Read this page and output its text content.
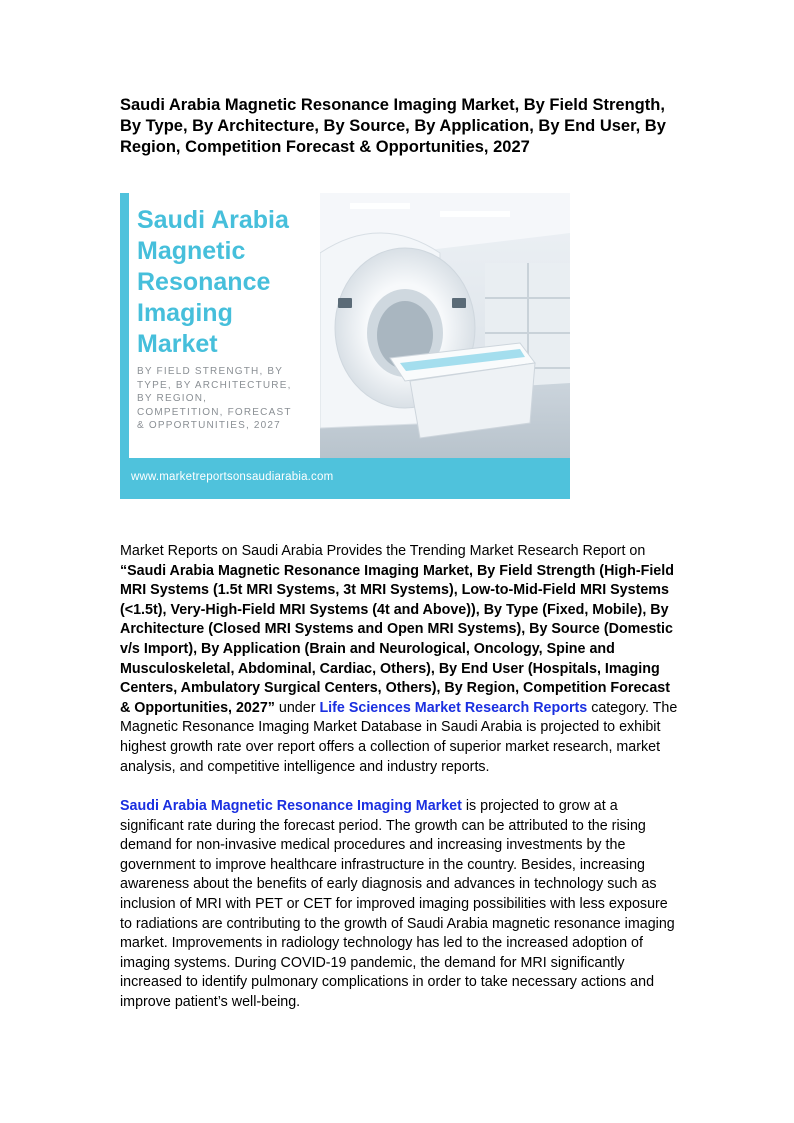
Saudi Arabia Magnetic Resonance Imaging Market, By Field Strength, By Type, By Architecture, By Source, By Application, By End User, By Region, Competition Forecast & Opportunities, 2027
Saudi Arabia
Magnetic
Resonance
Imaging
Market
BY FIELD STRENGTH, BY
TYPE, BY ARCHITECTURE,
BY REGION,
COMPETITION, FORECAST
& OPPORTUNITIES, 2027
www.marketreportsonsaudiarabia.com

Market Reports on Saudi Arabia Provides the Trending Market Research Report on “Saudi Arabia Magnetic Resonance Imaging Market, By Field Strength (High-Field MRI Systems (1.5t MRI Systems, 3t MRI Systems), Low-to-Mid-Field MRI Systems (<1.5t), Very-High-Field MRI Systems (4t and Above)), By Type (Fixed, Mobile), By Architecture (Closed MRI Systems and Open MRI Systems), By Source (Domestic v/s Import), By Application (Brain and Neurological, Oncology, Spine and Musculoskeletal, Abdominal, Cardiac, Others), By End User (Hospitals, Imaging Centers, Ambulatory Surgical Centers, Others), By Region, Competition Forecast & Opportunities, 2027” under Life Sciences Market Research Reports category. The Magnetic Resonance Imaging Market Database in Saudi Arabia is projected to exhibit highest growth rate over report offers a collection of superior market research, market analysis, and competitive intelligence and industry reports.

Saudi Arabia Magnetic Resonance Imaging Market is projected to grow at a significant rate during the forecast period. The growth can be attributed to the rising demand for non-invasive medical procedures and increasing investments by the government to improve healthcare infrastructure in the country. Besides, increasing awareness about the benefits of early diagnosis and advances in technology such as inclusion of MRI with PET or CET for improved imaging possibilities with less exposure to radiations are contributing to the growth of Saudi Arabia magnetic resonance imaging market. Improvements in radiology technology has led to the increased adoption of imaging systems. During COVID-19 pandemic, the demand for MRI significantly increased to identify pulmonary complications in order to take necessary actions and improve patient’s well-being.
